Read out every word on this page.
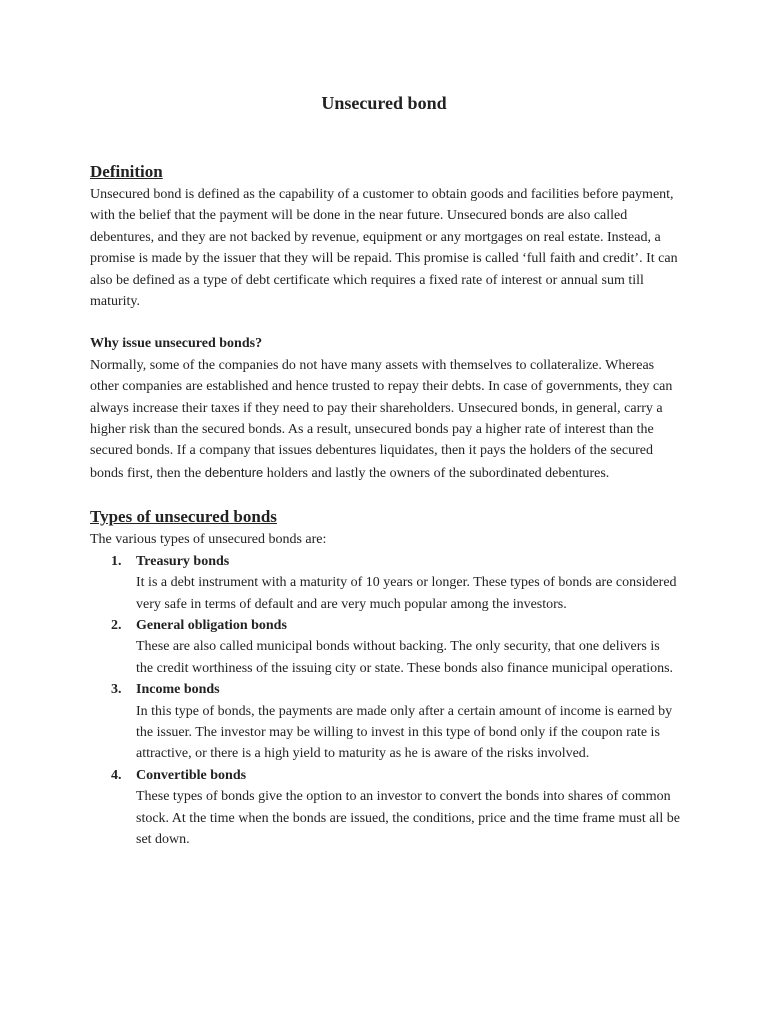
Unsecured bond
Definition

Unsecured bond is defined as the capability of a customer to obtain goods and facilities before payment, with the belief that the payment will be done in the near future. Unsecured bonds are also called debentures, and they are not backed by revenue, equipment or any mortgages on real estate. Instead, a promise is made by the issuer that they will be repaid. This promise is called ‘full faith and credit’. It can also be defined as a type of debt certificate which requires a fixed rate of interest or annual sum till maturity.

Why issue unsecured bonds?

Normally, some of the companies do not have many assets with themselves to collateralize. Whereas other companies are established and hence trusted to repay their debts. In case of governments, they can always increase their taxes if they need to pay their shareholders. Unsecured bonds, in general, carry a higher risk than the secured bonds. As a result, unsecured bonds pay a higher rate of interest than the secured bonds. If a company that issues debentures liquidates, then it pays the holders of the secured bonds first, then the debenture holders and lastly the owners of the subordinated debentures.

Types of unsecured bonds

The various types of unsecured bonds are:

1. Treasury bonds

It is a debt instrument with a maturity of 10 years or longer. These types of bonds are considered very safe in terms of default and are very much popular among the investors.

2. General obligation bonds

These are also called municipal bonds without backing. The only security, that one delivers is the credit worthiness of the issuing city or state. These bonds also finance municipal operations.

3. Income bonds

In this type of bonds, the payments are made only after a certain amount of income is earned by the issuer. The investor may be willing to invest in this type of bond only if the coupon rate is attractive, or there is a high yield to maturity as he is aware of the risks involved.

4. Convertible bonds

These types of bonds give the option to an investor to convert the bonds into shares of common stock. At the time when the bonds are issued, the conditions, price and the time frame must all be set down.
